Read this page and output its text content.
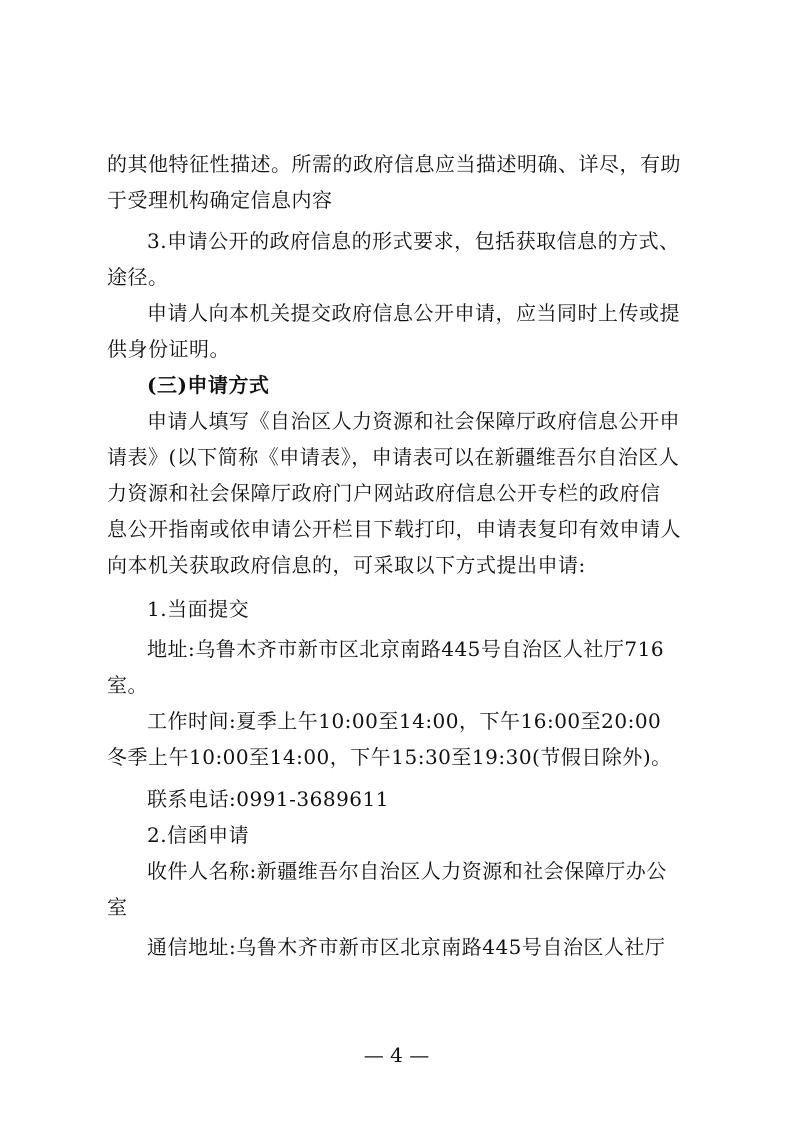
的其他特征性描述。所需的政府信息应当描述明确、详尽，有助
于受理机构确定信息内容
3.申请公开的政府信息的形式要求，包括获取信息的方式、
途径。
申请人向本机关提交政府信息公开申请，应当同时上传或提
供身份证明。
(三)申请方式
申请人填写《自治区人力资源和社会保障厅政府信息公开申
请表》(以下简称《申请表》，申请表可以在新疆维吾尔自治区人
力资源和社会保障厅政府门户网站政府信息公开专栏的政府信
息公开指南或依申请公开栏目下载打印，申请表复印有效申请人
向本机关获取政府信息的，可采取以下方式提出申请:
1.当面提交
地址:乌鲁木齐市新市区北京南路445号自治区人社厅716
室。
工作时间:夏季上午10:00至14:00，下午16:00至20:00
冬季上午10:00至14:00，下午15:30至19:30(节假日除外)。
联系电话:0991-3689611
2.信函申请
收件人名称:新疆维吾尔自治区人力资源和社会保障厅办公
室
通信地址:乌鲁木齐市新市区北京南路445号自治区人社厅
— 4 —
